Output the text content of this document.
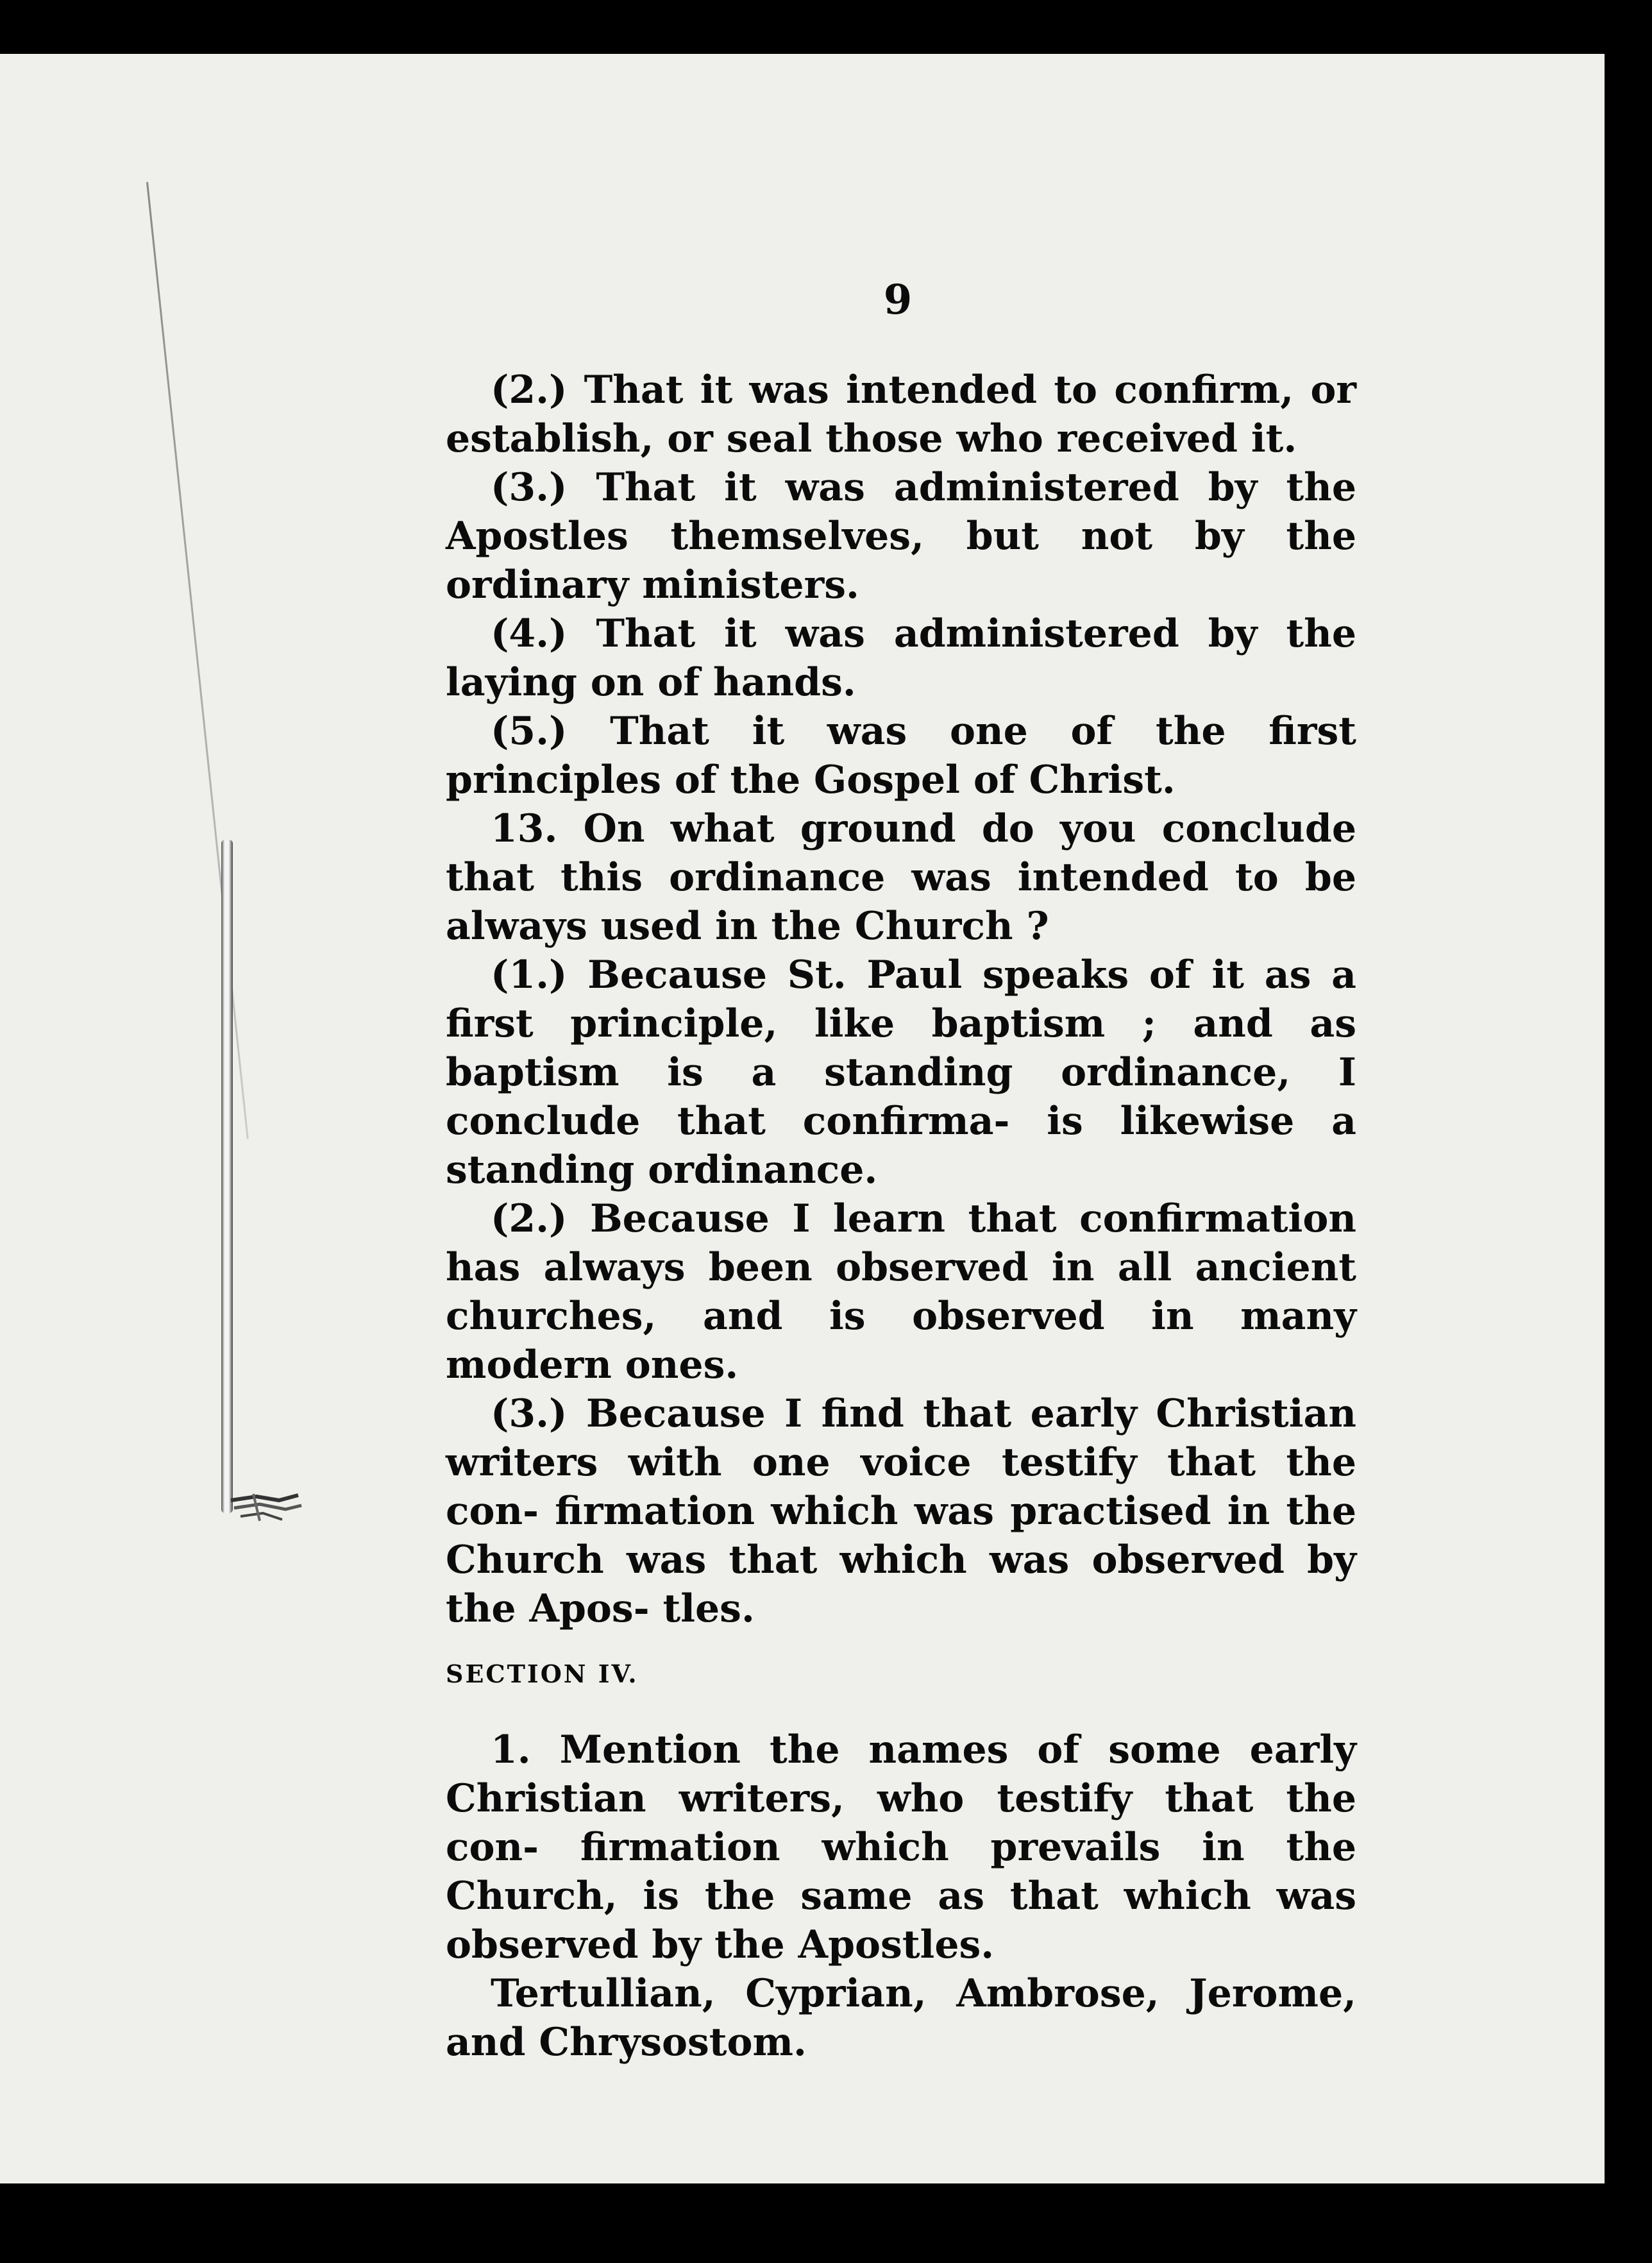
9

(2.) That it was intended to confirm, or establish, or seal those who received it.

(3.) That it was administered by the Apostles themselves, but not by the ordinary ministers.

(4.) That it was administered by the laying on of hands.

(5.) That it was one of the first principles of the Gospel of Christ.

13. On what ground do you conclude that this ordinance was intended to be always used in the Church ?

(1.) Because St. Paul speaks of it as a first principle, like baptism ; and as baptism is a standing ordinance, I conclude that confirma- is likewise a standing ordinance.

(2.) Because I learn that confirmation has always been observed in all ancient churches, and is observed in many modern ones.

(3.) Because I find that early Christian writers with one voice testify that the con- firmation which was practised in the Church was that which was observed by the Apos- tles.

SECTION IV.

1. Mention the names of some early Christian writers, who testify that the con- firmation which prevails in the Church, is the same as that which was observed by the Apostles.

Tertullian, Cyprian, Ambrose, Jerome, and Chrysostom.
